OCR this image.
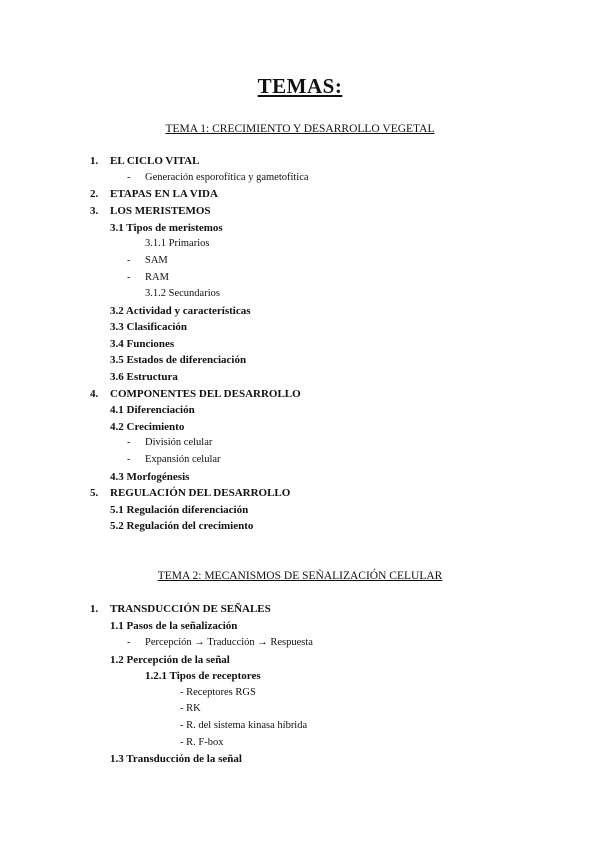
TEMAS:
TEMA 1: CRECIMIENTO Y DESARROLLO VEGETAL
1. EL CICLO VITAL
- Generación esporofítica y gametofítica
2. ETAPAS EN LA VIDA
3. LOS MERISTEMOS
3.1 Tipos de meristemos
3.1.1 Primarios
- SAM
- RAM
3.1.2 Secundarios
3.2 Actividad y características
3.3 Clasificación
3.4 Funciones
3.5 Estados de diferenciación
3.6 Estructura
4. COMPONENTES DEL DESARROLLO
4.1 Diferenciación
4.2 Crecimiento
- División celular
- Expansión celular
4.3 Morfogénesis
5. REGULACIÓN DEL DESARROLLO
5.1 Regulación diferenciación
5.2 Regulación del crecimiento
TEMA 2: MECANISMOS DE SEÑALIZACIÓN CELULAR
1. TRANSDUCCIÓN DE SEÑALES
1.1 Pasos de la señalización
- Percepción → Traducción → Respuesta
1.2 Percepción de la señal
1.2.1 Tipos de receptores
- Receptores RGS
- RK
- R. del sistema kinasa híbrida
- R. F-box
1.3 Transducción de la señal
